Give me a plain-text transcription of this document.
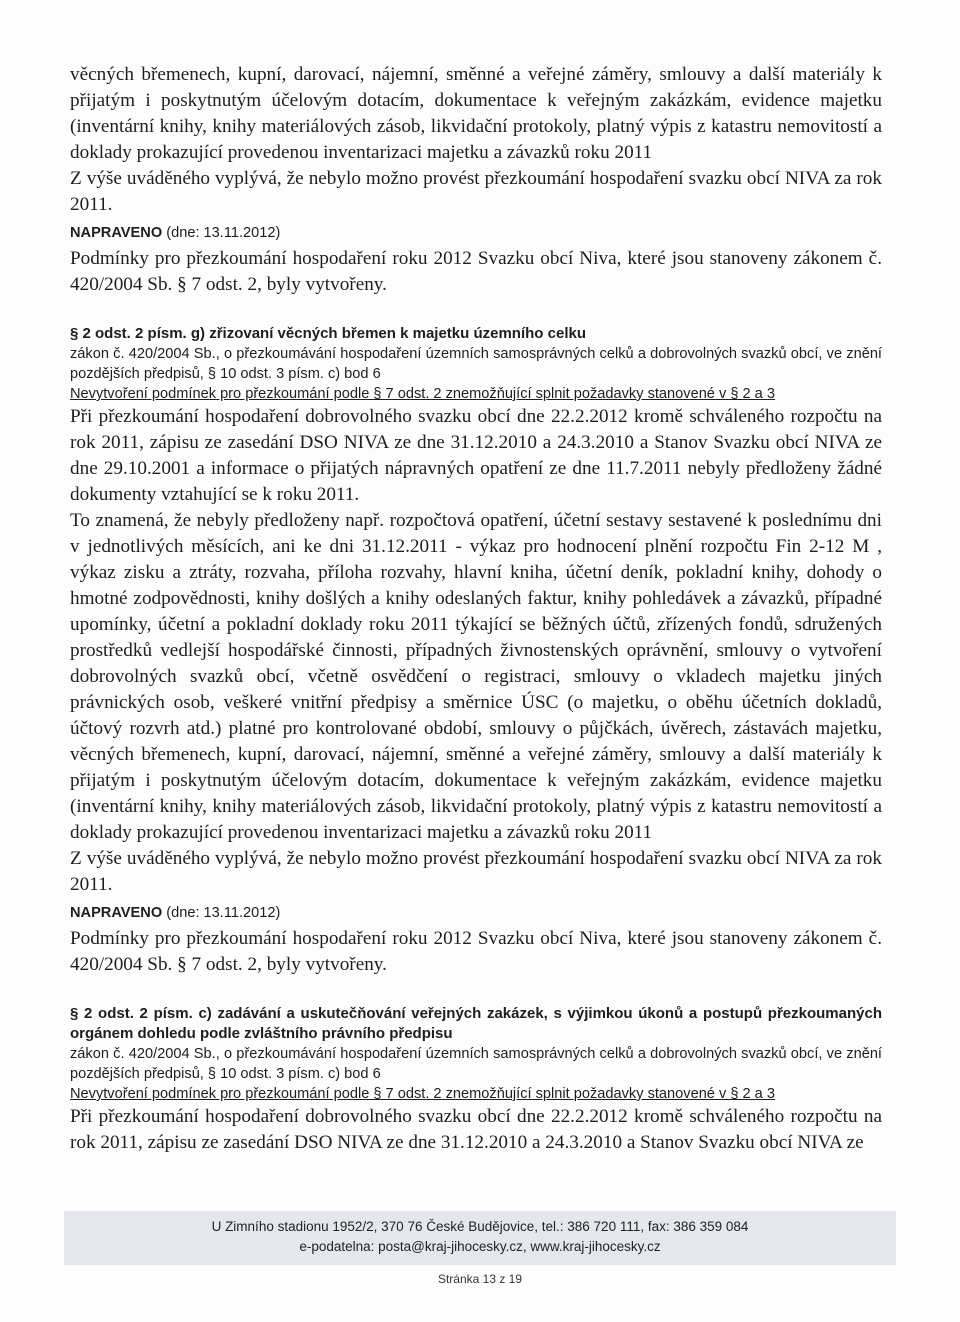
věcných břemenech, kupní, darovací, nájemní, směnné a veřejné záměry, smlouvy a další materiály k přijatým i poskytnutým účelovým dotacím, dokumentace k veřejným zakázkám, evidence majetku (inventární knihy, knihy materiálových zásob, likvidační protokoly, platný výpis z katastru nemovitostí a doklady prokazující provedenou inventarizaci majetku a závazků roku 2011

Z výše uváděného vyplývá, že nebylo možno provést přezkoumání hospodaření svazku obcí NIVA za rok 2011.

NAPRAVENO (dne: 13.11.2012)

Podmínky pro přezkoumání hospodaření roku 2012 Svazku obcí Niva, které jsou stanoveny zákonem č. 420/2004 Sb. § 7 odst. 2, byly vytvořeny.

§ 2 odst. 2 písm. g) zřizovaní věcných břemen k majetku územního celku

zákon č. 420/2004 Sb., o přezkoumávání hospodaření územních samosprávných celků a dobrovolných svazků obcí, ve znění pozdějších předpisů, § 10 odst. 3 písm. c) bod 6

Nevytvoření podmínek pro přezkoumání podle § 7 odst. 2 znemožňující splnit požadavky stanovené v § 2 a 3

Při přezkoumání hospodaření dobrovolného svazku obcí dne 22.2.2012 kromě schváleného rozpočtu na rok 2011, zápisu ze zasedání DSO NIVA ze dne 31.12.2010 a 24.3.2010 a Stanov Svazku obcí NIVA ze dne 29.10.2001 a informace o přijatých nápravných opatření ze dne 11.7.2011 nebyly předloženy žádné dokumenty vztahující se k roku 2011.

To znamená, že nebyly předloženy např. rozpočtová opatření, účetní sestavy sestavené k poslednímu dni v jednotlivých měsících, ani ke dni 31.12.2011 - výkaz pro hodnocení plnění rozpočtu Fin 2-12 M , výkaz zisku a ztráty, rozvaha, příloha rozvahy, hlavní kniha, účetní deník, pokladní knihy, dohody o hmotné zodpovědnosti, knihy došlých a knihy odeslaných faktur, knihy pohledávek a závazků, případné upomínky, účetní a pokladní doklady roku 2011 týkající se běžných účtů, zřízených fondů, sdružených prostředků vedlejší hospodářské činnosti, případných živnostenských oprávnění, smlouvy o vytvoření dobrovolných svazků obcí, včetně osvědčení o registraci, smlouvy o vkladech majetku jiných právnických osob, veškeré vnitřní předpisy a směrnice ÚSC (o majetku, o oběhu účetních dokladů, účtový rozvrh atd.) platné pro kontrolované období, smlouvy o půjčkách, úvěrech, zástavách majetku, věcných břemenech, kupní, darovací, nájemní, směnné a veřejné záměry, smlouvy a další materiály k přijatým i poskytnutým účelovým dotacím, dokumentace k veřejným zakázkám, evidence majetku (inventární knihy, knihy materiálových zásob, likvidační protokoly, platný výpis z katastru nemovitostí a doklady prokazující provedenou inventarizaci majetku a závazků roku 2011

Z výše uváděného vyplývá, že nebylo možno provést přezkoumání hospodaření svazku obcí NIVA za rok 2011.

NAPRAVENO (dne: 13.11.2012)

Podmínky pro přezkoumání hospodaření roku 2012 Svazku obcí Niva, které jsou stanoveny zákonem č. 420/2004 Sb. § 7 odst. 2, byly vytvořeny.

§ 2 odst. 2 písm. c) zadávání a uskutečňování veřejných zakázek, s výjimkou úkonů a postupů přezkoumaných orgánem dohledu podle zvláštního právního předpisu

zákon č. 420/2004 Sb., o přezkoumávání hospodaření územních samosprávných celků a dobrovolných svazků obcí, ve znění pozdějších předpisů, § 10 odst. 3 písm. c) bod 6

Nevytvoření podmínek pro přezkoumání podle § 7 odst. 2 znemožňující splnit požadavky stanovené v § 2 a 3

Při přezkoumání hospodaření dobrovolného svazku obcí dne 22.2.2012 kromě schváleného rozpočtu na rok 2011, zápisu ze zasedání DSO NIVA ze dne 31.12.2010 a 24.3.2010 a Stanov Svazku obcí NIVA ze

U Zimního stadionu 1952/2, 370 76 České Budějovice, tel.: 386 720 111, fax: 386 359 084
e-podatelna: posta@kraj-jihocesky.cz, www.kraj-jihocesky.cz
Stránka 13 z 19
